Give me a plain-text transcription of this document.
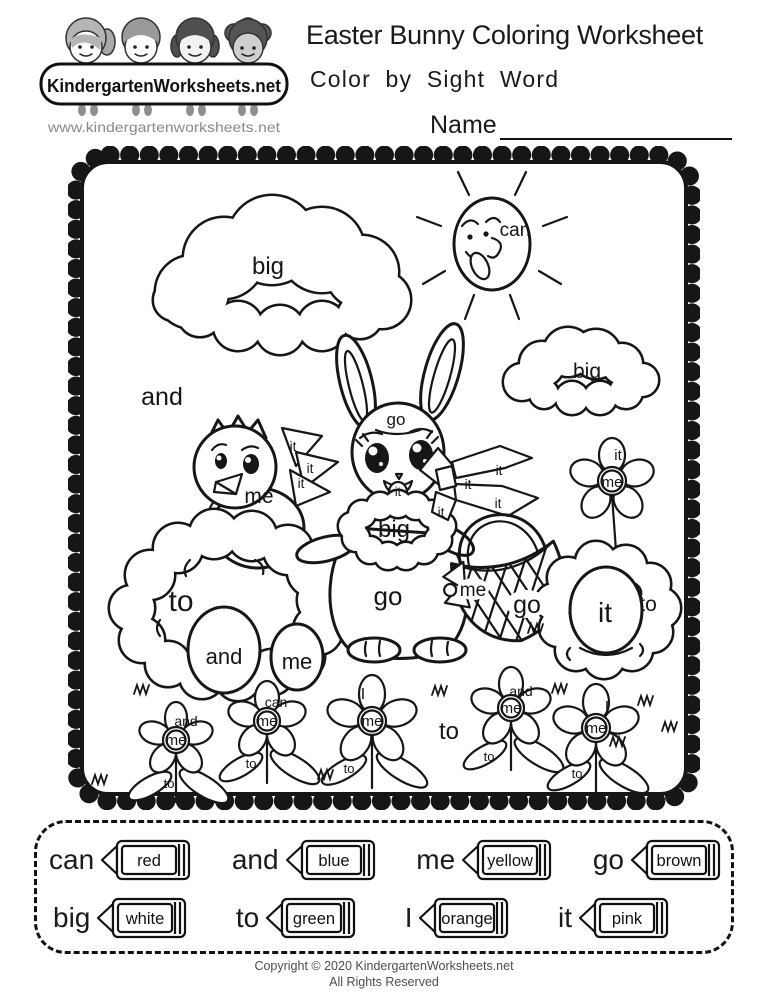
KindergartenWorksheets.net
www.kindergartenworksheets.net
Easter Bunny Coloring Worksheet
Color by Sight Word
Name
can
big
big
and
it
it
it
me
go
it
it
it
it
it
big
go	me
go
it
me
it to
to
and me
to
and
me
to
can
me
to
I
me
to
and
me
to
I
me
to
can	red	and blue me yellow go brown
big white	to green I orange it pink
Copyright © 2020 KindergartenWorksheets.net
All Rights Reserved
